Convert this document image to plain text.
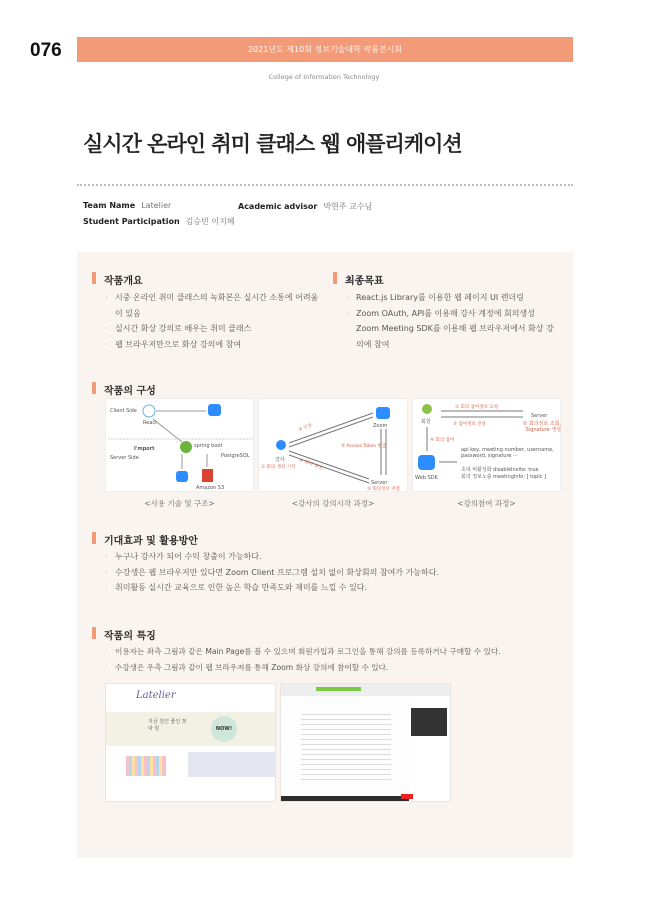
076	2021년도 제10회 정보기술대학 작품전시회
College of Information Technology
실시간 온라인 취미 클래스 웹 애플리케이션
Team Name Latelier	Academic advisor 박현주 교수님
Student Participation 김승빈 이지혜
작품개요
· 시중 온라인 취미 클래스의 녹화본은 실시간 소통에 어려움이 있음
· 실시간 화상 강의로 배우는 취미 클래스
· 웹 브라우저만으로 화상 강의에 참여
최종목표
· React.js Library를 이용한 웹 페이지 UI 렌더링
· Zoom OAuth, API를 이용해 강사 계정에 회의생성
· Zoom Meeting SDK를 이용해 웹 브라우저에서 화상 강의에 참여
작품의 구성
Client Side
Server Side
React
I'mport	spring boot
PostgreSQL
Amazon S3
강사
① 회의 생성 시작
Zoom
Server
② 인증
③ Access Token 발급
④ 회의 생성
⑤ 회의정보 저장
회원
Server
① 회의 참여정보 요청
③ 참여정보 전달
④ 회의 참여
Web SDK
초대 비활성화 disableInvite: true
회의 정보노출 meetingInfo: [ topic ]
② 회의정보 조회, Signature 생성
api key, meeting number, username, password, signature ···
<사용 기술 및 구조>	<강사의 강의시작 과정>	<강의참여 과정>
기대효과 및 활용방안
· 누구나 강사가 되어 수익 창출이 가능하다.
· 수강생은 웹 브라우저만 있다면 Zoom Client 프로그램 설치 없이 화상회의 참여가 가능하다.
· 취미활동 실시간 교육으로 인한 높은 학습 만족도와 재미를 느낄 수 있다.
작품의 특징
· 이용자는 좌측 그림과 같은 Main Page를 볼 수 있으며 회원가입과 로그인을 통해 강의를 등록하거나 구매할 수 있다.
· 수강생은 우측 그림과 같이 웹 브라우저를 통해 Zoom 화상 강의에 참여할 수 있다.
Latelier
지금 원인 좋인 쪼막 힝	NOW!
